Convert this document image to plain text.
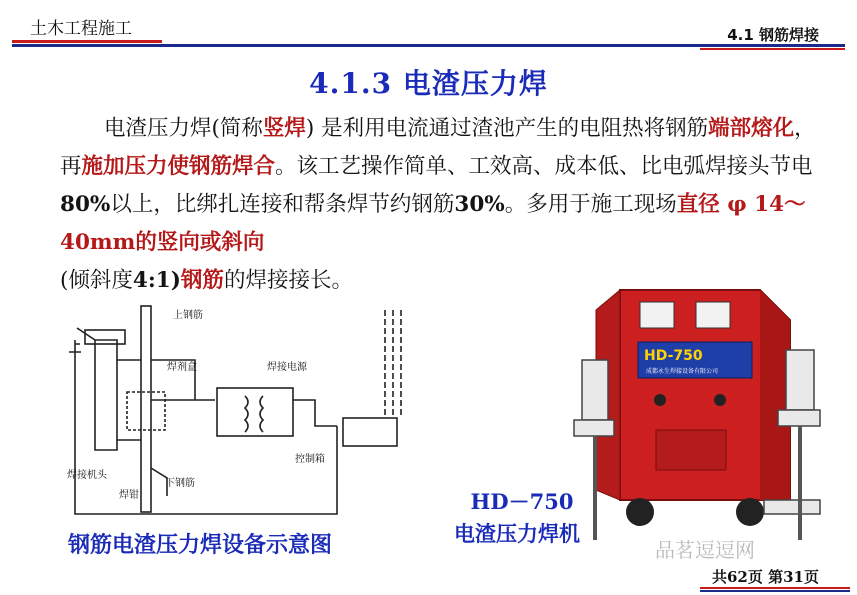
土木工程施工	4.1 钢筋焊接
4.1.3 电渣压力焊
电渣压力焊(简称竖焊) 是利用电流通过渣池产生的电阻热将钢筋端部熔化，再施加压力使钢筋焊合。该工艺操作简单、工效高、成本低、比电弧焊接头节电80%以上，比绑扎连接和帮条焊节约钢筋30%。多用于施工现场直径 φ 14～40mm的竖向或斜向
(倾斜度4:1)钢筋的焊接接长。
上钢筋
焊剂盒	焊接电源
控制箱
焊接机头
焊钳
下钢筋
钢筋电渣压力焊设备示意图
HD-750
成都永生焊接设备有限公司
HD－750
电渣压力焊机
品茗逗逗网
共62页 第31页
